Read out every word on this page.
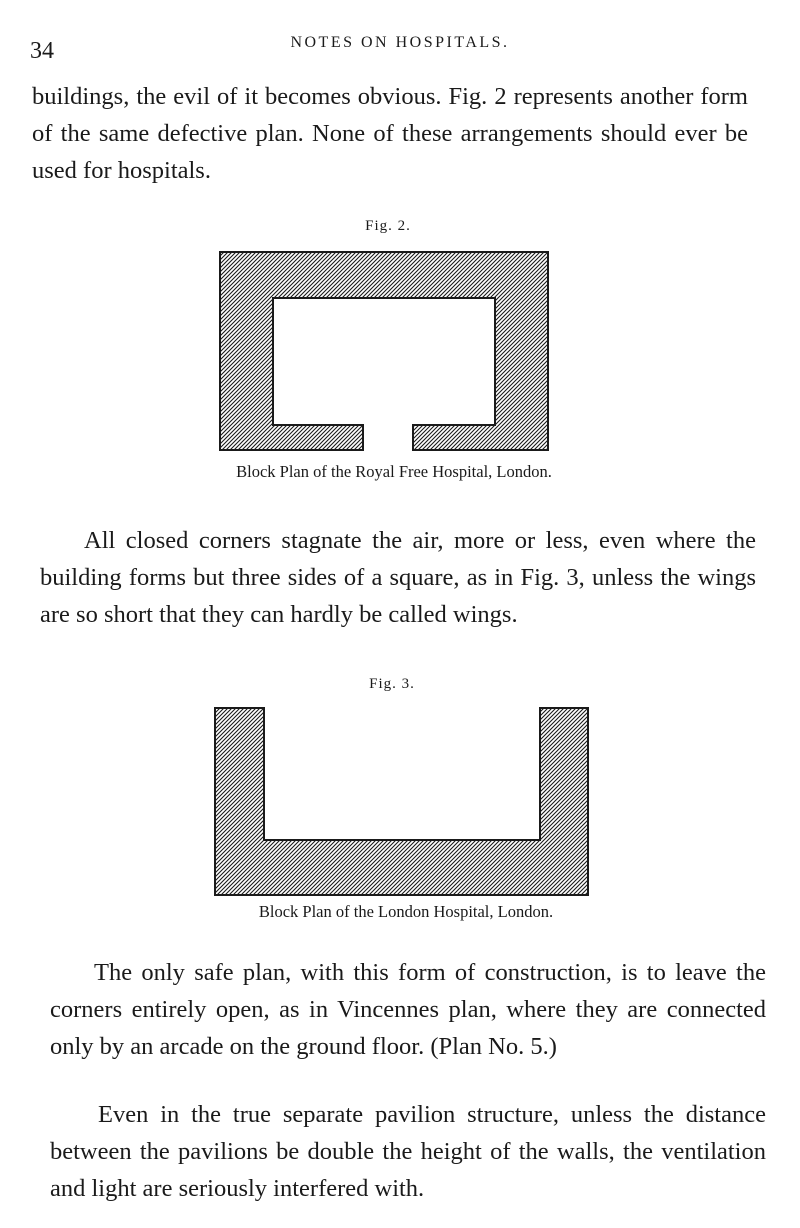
34	NOTES ON HOSPITALS.

buildings, the evil of it becomes obvious. Fig. 2 represents another form of the same defective plan. None of these arrangements should ever be used for hospitals.

Fig. 2.
Block Plan of the Royal Free Hospital, London.

All closed corners stagnate the air, more or less, even where the building forms but three sides of a square, as in Fig. 3, unless the wings are so short that they can hardly be called wings.

Fig. 3.
Block Plan of the London Hospital, London.

The only safe plan, with this form of construction, is to leave the corners entirely open, as in Vincennes plan, where they are connected only by an arcade on the ground floor. (Plan No. 5.)

Even in the true separate pavilion structure, unless the distance between the pavilions be double the height of the walls, the ventilation and light are seriously interfered with.
